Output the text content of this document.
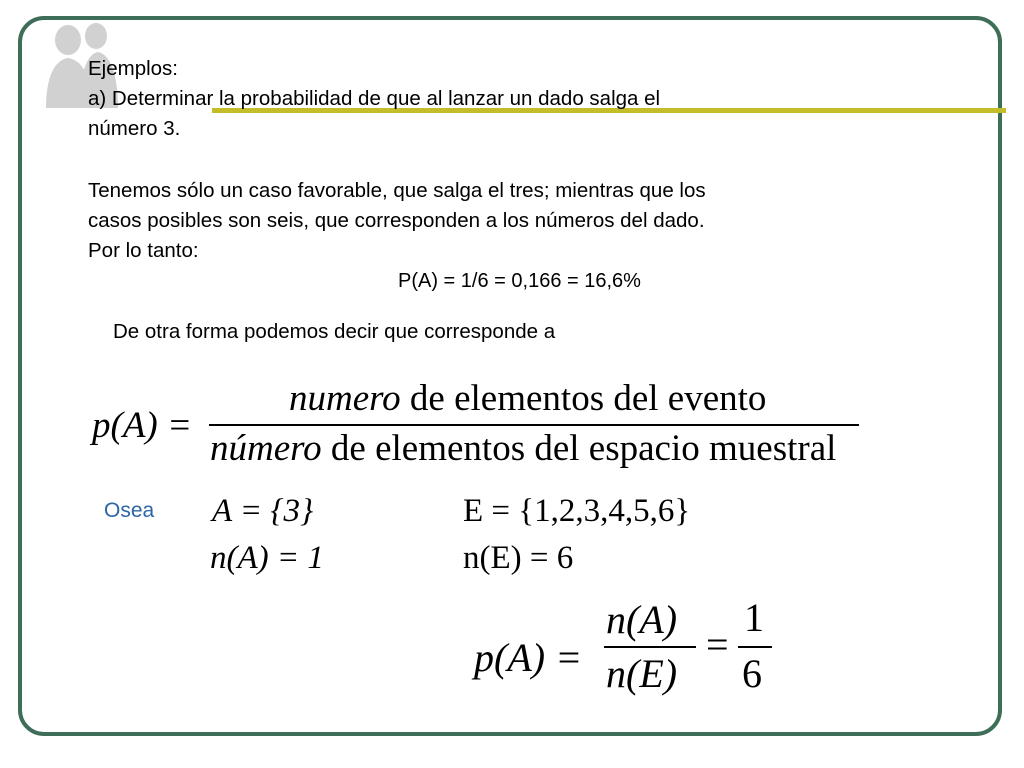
Ejemplos:
a) Determinar la probabilidad de que al lanzar un dado salga el
número 3.
Tenemos sólo un caso favorable, que salga el tres; mientras que los
casos posibles son seis, que corresponden a los números del dado.
Por lo tanto:
P(A) = 1/6 = 0,166 = 16,6%
De otra forma podemos decir que corresponde a
p(A) =
numero de elementos del evento
número de elementos del espacio muestral
Osea A = {3}
n(A) = 1
E = {1,2,3,4,5,6}
n(E) = 6
p(A) =
n(A)
n(E)
=
1
6
